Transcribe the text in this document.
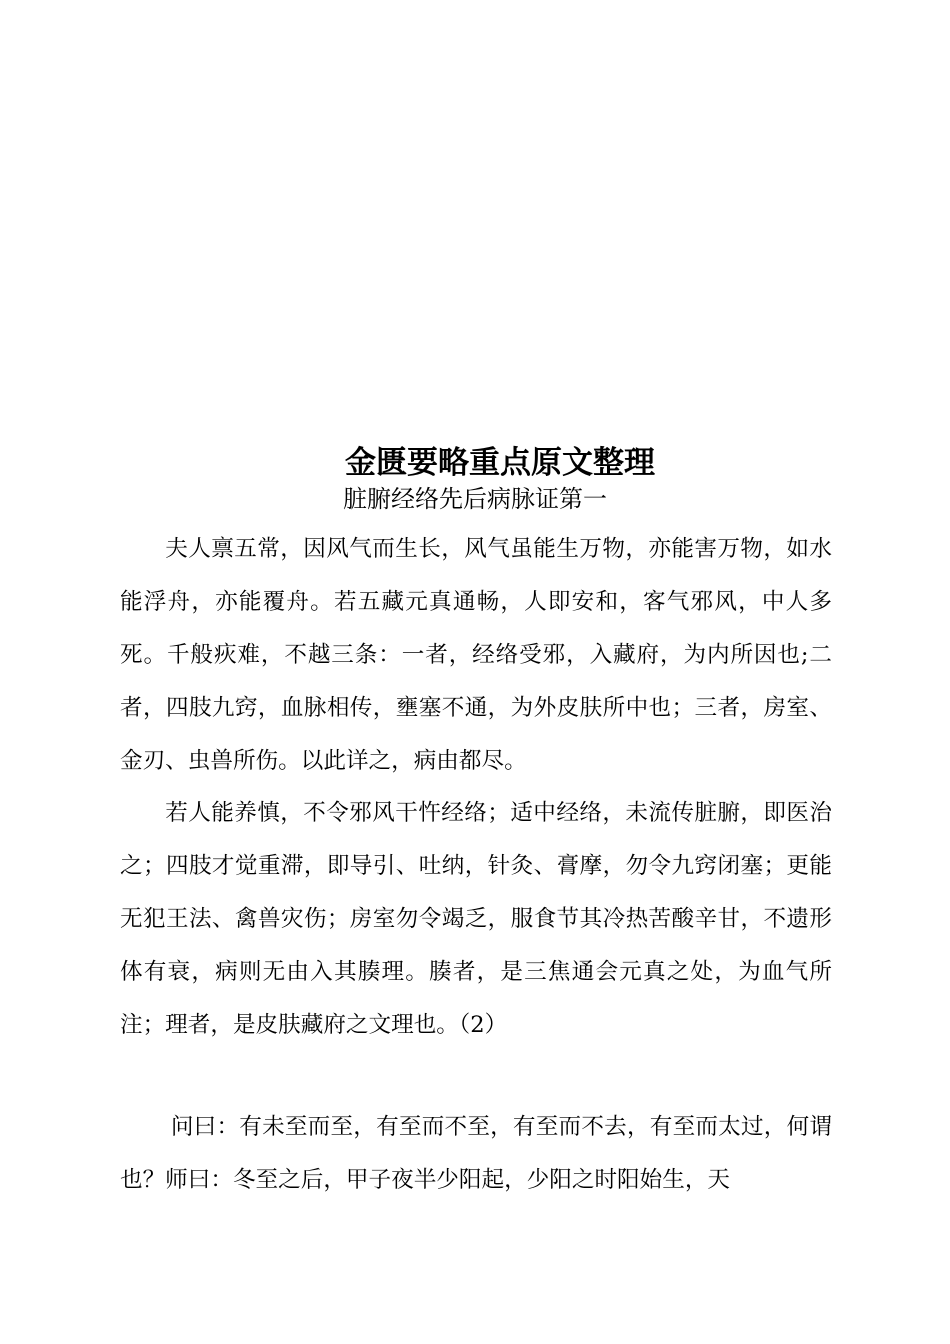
金匮要略重点原文整理
脏腑经络先后病脉证第一

夫人禀五常，因风气而生长，风气虽能生万物，亦能害万物，如水能浮舟，亦能覆舟。若五藏元真通畅，人即安和，客气邪风，中人多死。千般疢难，不越三条：一者，经络受邪，入藏府，为内所因也;二者，四肢九窍，血脉相传，壅塞不通，为外皮肤所中也；三者，房室、金刃、虫兽所伤。以此详之，病由都尽。

若人能养慎，不令邪风干忤经络；适中经络，未流传脏腑，即医治之；四肢才觉重滞，即导引、吐纳，针灸、膏摩，勿令九窍闭塞；更能无犯王法、禽兽灾伤；房室勿令竭乏，服食节其冷热苦酸辛甘，不遗形体有衰，病则无由入其腠理。腠者，是三焦通会元真之处，为血气所注；理者，是皮肤藏府之文理也。（2）

问曰：有未至而至，有至而不至，有至而不去，有至而太过，何谓也？师曰：冬至之后，甲子夜半少阳起，少阳之时阳始生，天
